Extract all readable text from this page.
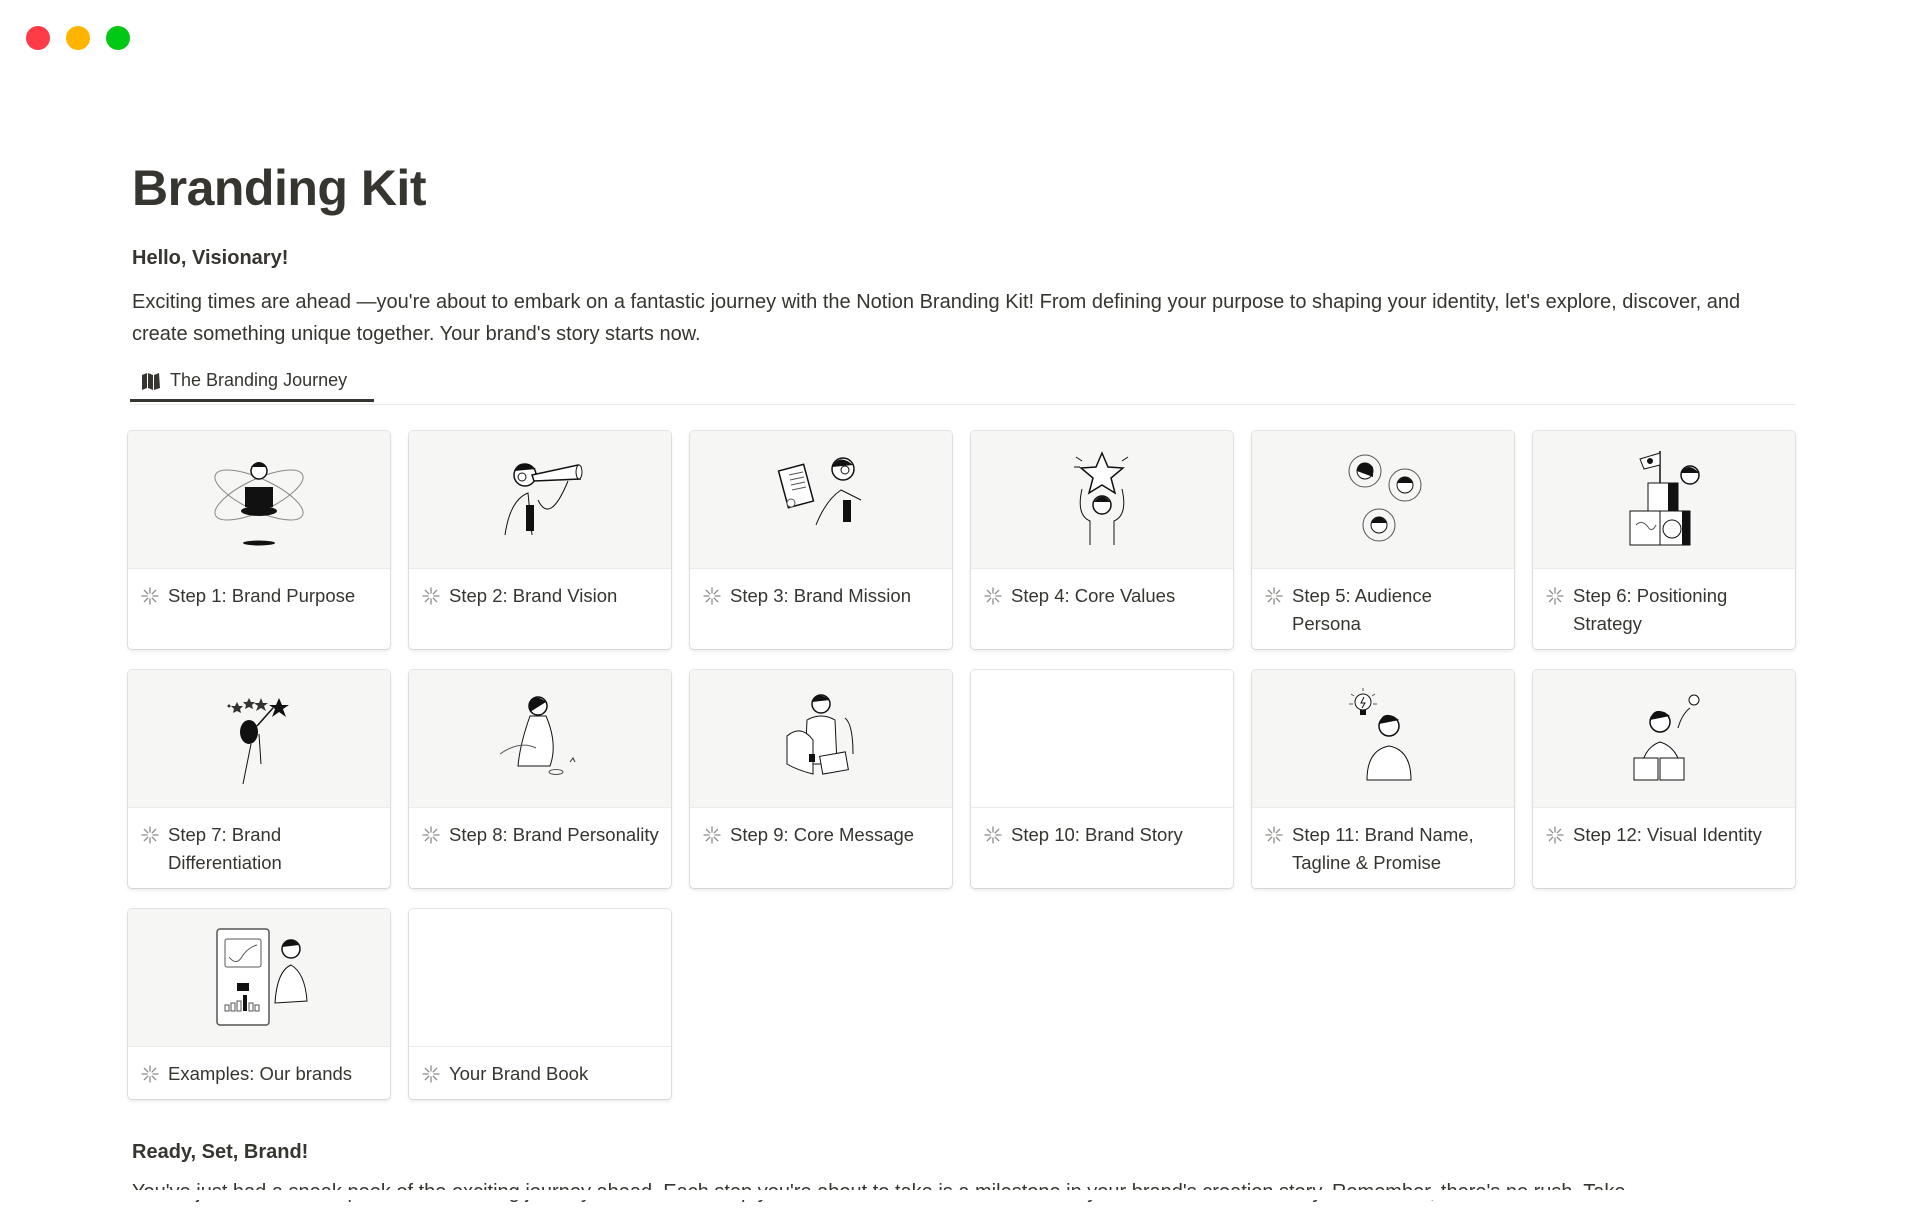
Branding Kit

Hello, Visionary!

Exciting times are ahead —you're about to embark on a fantastic journey with the Notion Branding Kit! From defining your purpose to shaping your identity, let's explore, discover, and create something unique together. Your brand's story starts now.

The Branding Journey
Step 1: Brand Purpose	Step 2: Brand Vision	Step 3: Brand Mission	Step 4: Core Values	Step 5: Audience Persona
Step 6: Positioning Strategy
Step 7: Brand Differentiation
Step 8: Brand Personality	Step 9: Core Message	Step 10: Brand Story	Step 11: Brand Name, Tagline & Promise
Step 12: Visual Identity
Examples: Our brands	Your Brand Book
Ready, Set, Brand!
